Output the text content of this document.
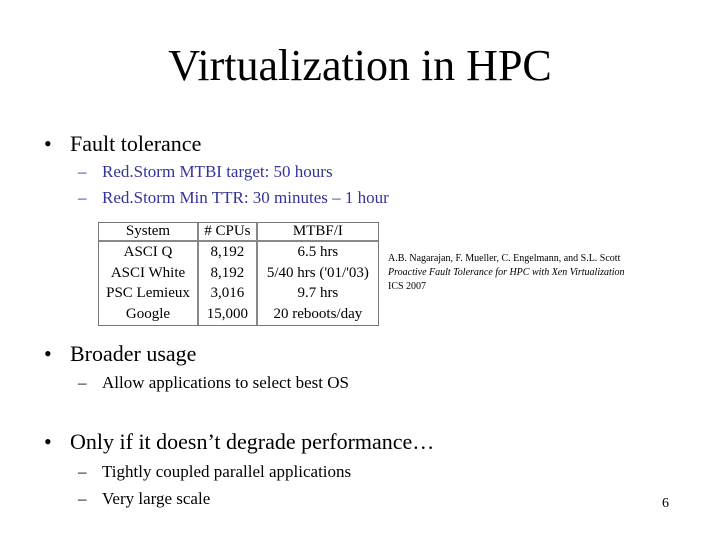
Virtualization in HPC
• Fault tolerance
– Red.Storm MTBI target: 50 hours
– Red.Storm Min TTR: 30 minutes – 1 hour
System	# CPUs	MTBF/I
ASCI Q	8,192	6.5 hrs
ASCI White	8,192	5/40 hrs ('01/'03)
PSC Lemieux	3,016	9.7 hrs
Google	15,000	20 reboots/day
A.B. Nagarajan, F. Mueller, C. Engelmann, and S.L. Scott
Proactive Fault Tolerance for HPC with Xen Virtualization
ICS 2007
• Broader usage
– Allow applications to select best OS
• Only if it doesn’t degrade performance…
– Tightly coupled parallel applications
– Very large scale	6
